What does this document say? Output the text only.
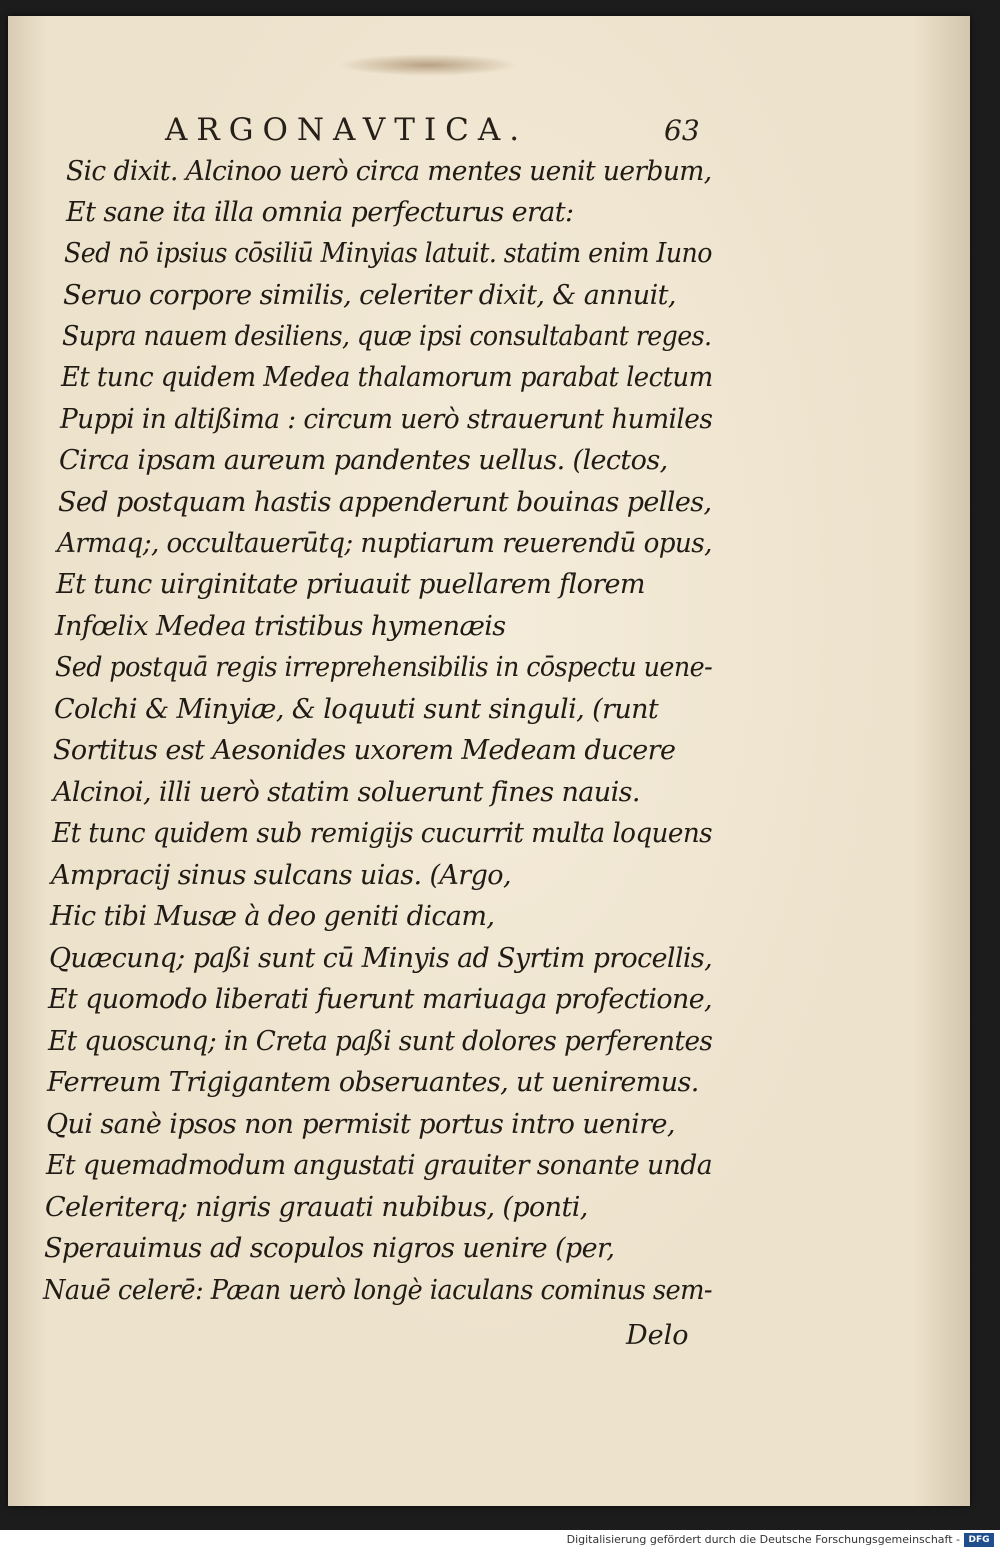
ARGONAVTICA.	63
Sic dixit. Alcinoo uerò circa mentes uenit uerbum,
Et sane ita illa omnia perfecturus erat:
Sed nō ipsius cōsiliū Minyias latuit. statim enim Iuno
Seruo corpore similis, celeriter dixit, & annuit,
Supra nauem desiliens, quæ ipsi consultabant reges.
Et tunc quidem Medea thalamorum parabat lectum
Puppi in altißima : circum uerò strauerunt humiles
Circa ipsam aureum pandentes uellus. (lectos,
Sed postquam hastis appenderunt bouinas pelles,
Armaq;, occultauerūtq; nuptiarum reuerendū opus,
Et tunc uirginitate priuauit puellarem florem
Infœlix Medea tristibus hymenæis
Sed postquā regis irreprehensibilis in cōspectu uene-
Colchi & Minyiæ, & loquuti sunt singuli, (runt
Sortitus est Aesonides uxorem Medeam ducere
Alcinoi, illi uerò statim soluerunt fines nauis.
Et tunc quidem sub remigijs cucurrit multa loquens
Ampracij sinus sulcans uias. (Argo,
Hic tibi Musæ à deo geniti dicam,
Quæcunq; paßi sunt cū Minyis ad Syrtim procellis,
Et quomodo liberati fuerunt mariuaga profectione,
Et quoscunq; in Creta paßi sunt dolores perferentes
Ferreum Trigigantem obseruantes, ut ueniremus.
Qui sanè ipsos non permisit portus intro uenire,
Et quemadmodum angustati grauiter sonante unda
Celeriterq; nigris grauati nubibus, (ponti,
Sperauimus ad scopulos nigros uenire (per,
Nauē celerē: Pæan uerò longè iaculans cominus sem-
Delo
Digitalisierung gefördert durch die Deutsche Forschungsgemeinschaft - DFG
